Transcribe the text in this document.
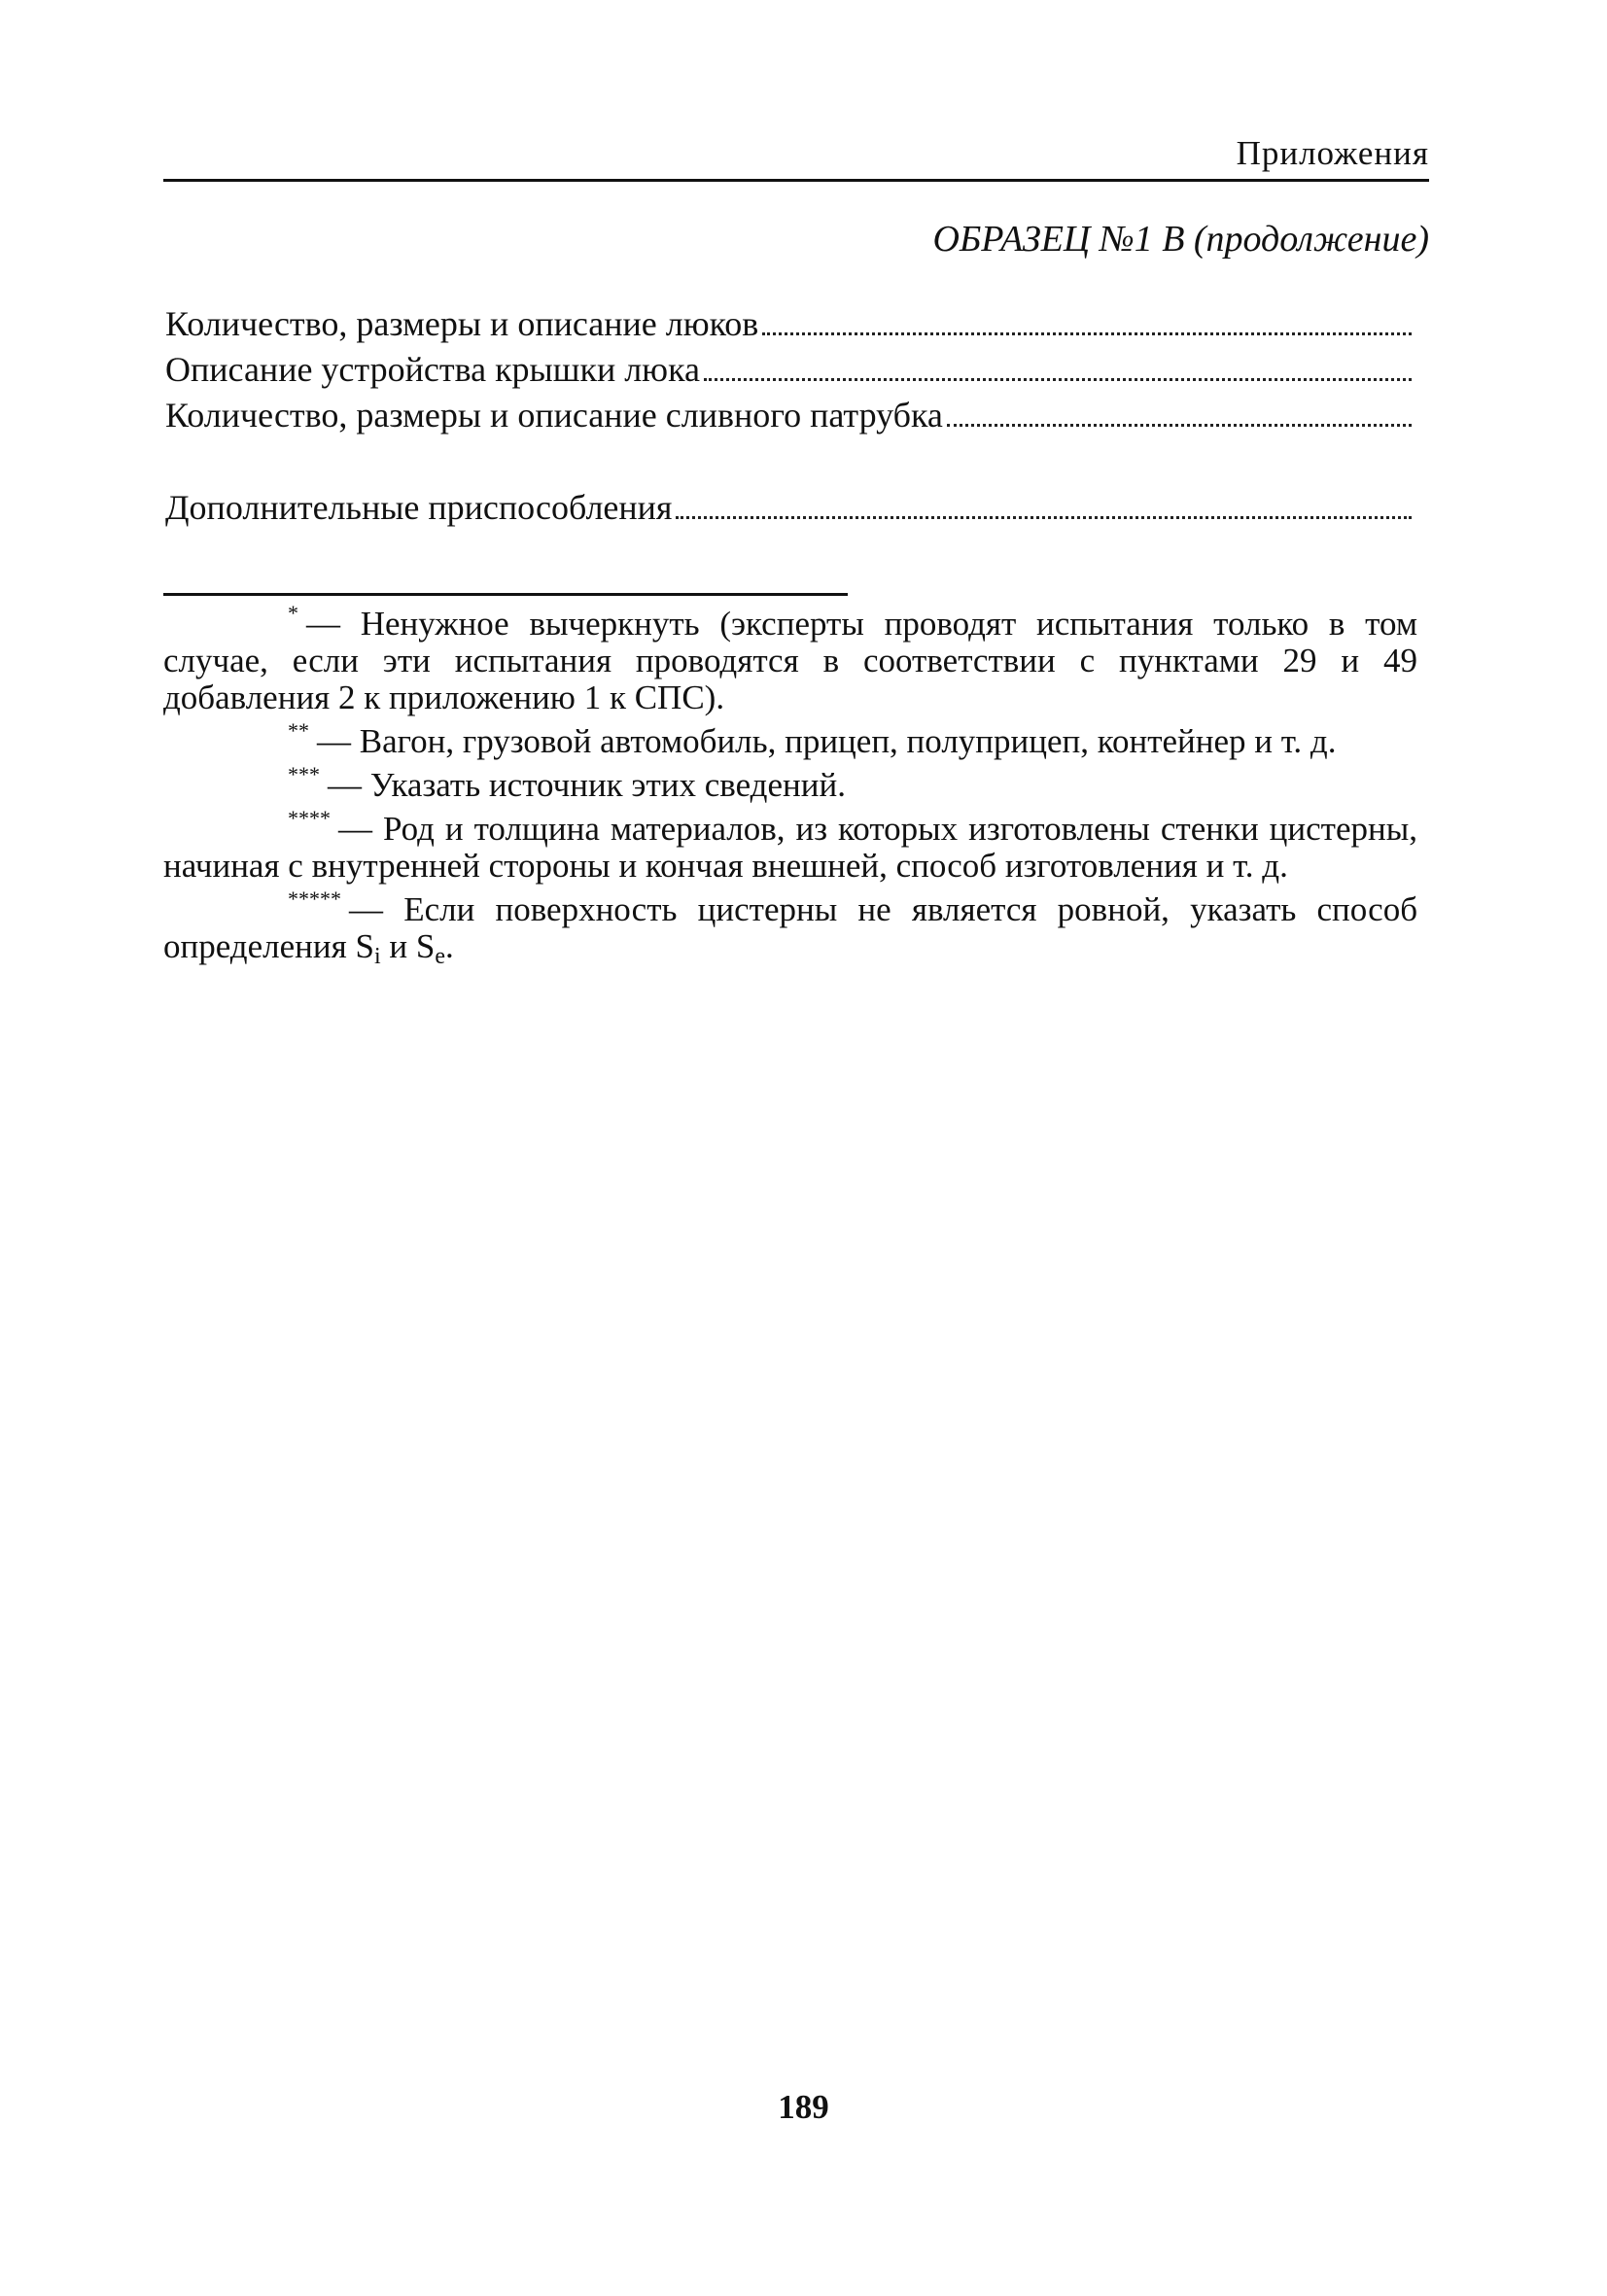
Приложения
ОБРАЗЕЦ №1 В (продолжение)
Количество, размеры и описание люков
Описание устройства крышки люка
Количество, размеры и описание сливного патрубка
Дополнительные приспособления

* — Ненужное вычеркнуть (эксперты проводят испытания только в том случае, если эти испытания проводятся в соответствии с пунктами 29 и 49 добавления 2 к приложению 1 к СПС).

** — Вагон, грузовой автомобиль, прицеп, полуприцеп, контейнер и т. д.

*** — Указать источник этих сведений.

**** — Род и толщина материалов, из которых изготовлены стенки цистерны, начиная с внутренней стороны и кончая внешней, способ изготовления и т. д.

***** — Если поверхность цистерны не является ровной, указать способ определения $S_i$ и $S_e$.

189
